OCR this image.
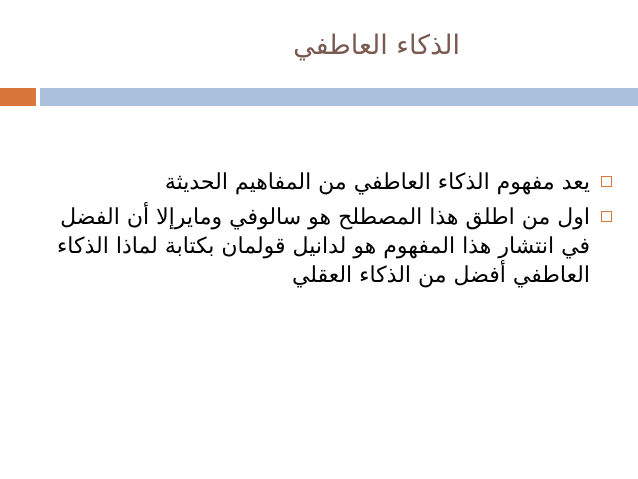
الذكاء العاطفي
يعد مفهوم الذكاء العاطفي من المفاهيم الحديثة
اول من اطلق هذا المصطلح هو سالوفي ومايرإلا أن الفضل في انتشار هذا المفهوم هو لدانيل قولمان بكتابة لماذا الذكاء العاطفي أفضل من الذكاء العقلي
